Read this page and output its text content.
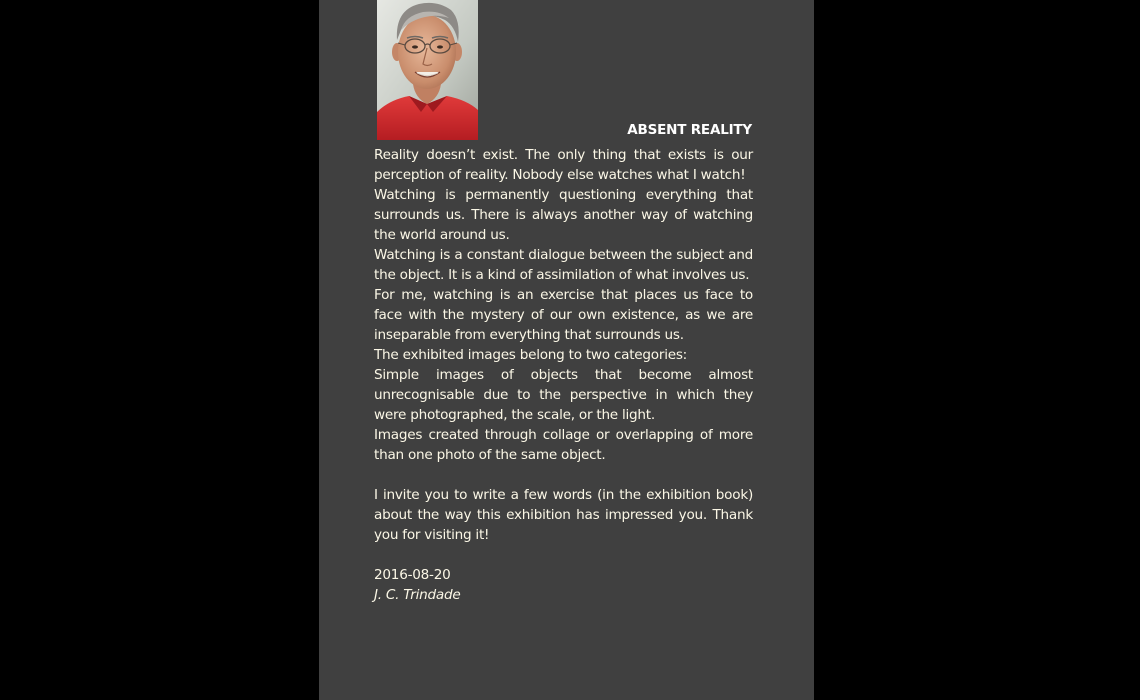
ABSENT REALITY

Reality doesn’t exist. The only thing that exists is our perception of reality. Nobody else watches what I watch!

Watching is permanently questioning everything that surrounds us. There is always another way of watching the world around us.

Watching is a constant dialogue between the subject and the object. It is a kind of assimilation of what involves us.

For me, watching is an exercise that places us face to face with the mystery of our own existence, as we are inseparable from everything that surrounds us.

The exhibited images belong to two categories:

Simple images of objects that become almost unrecognisable due to the perspective in which they were photographed, the scale, or the light.

Images created through collage or overlapping of more than one photo of the same object.

I invite you to write a few words (in the exhibition book) about the way this exhibition has impressed you. Thank you for visiting it!

2016-08-20

J. C. Trindade
